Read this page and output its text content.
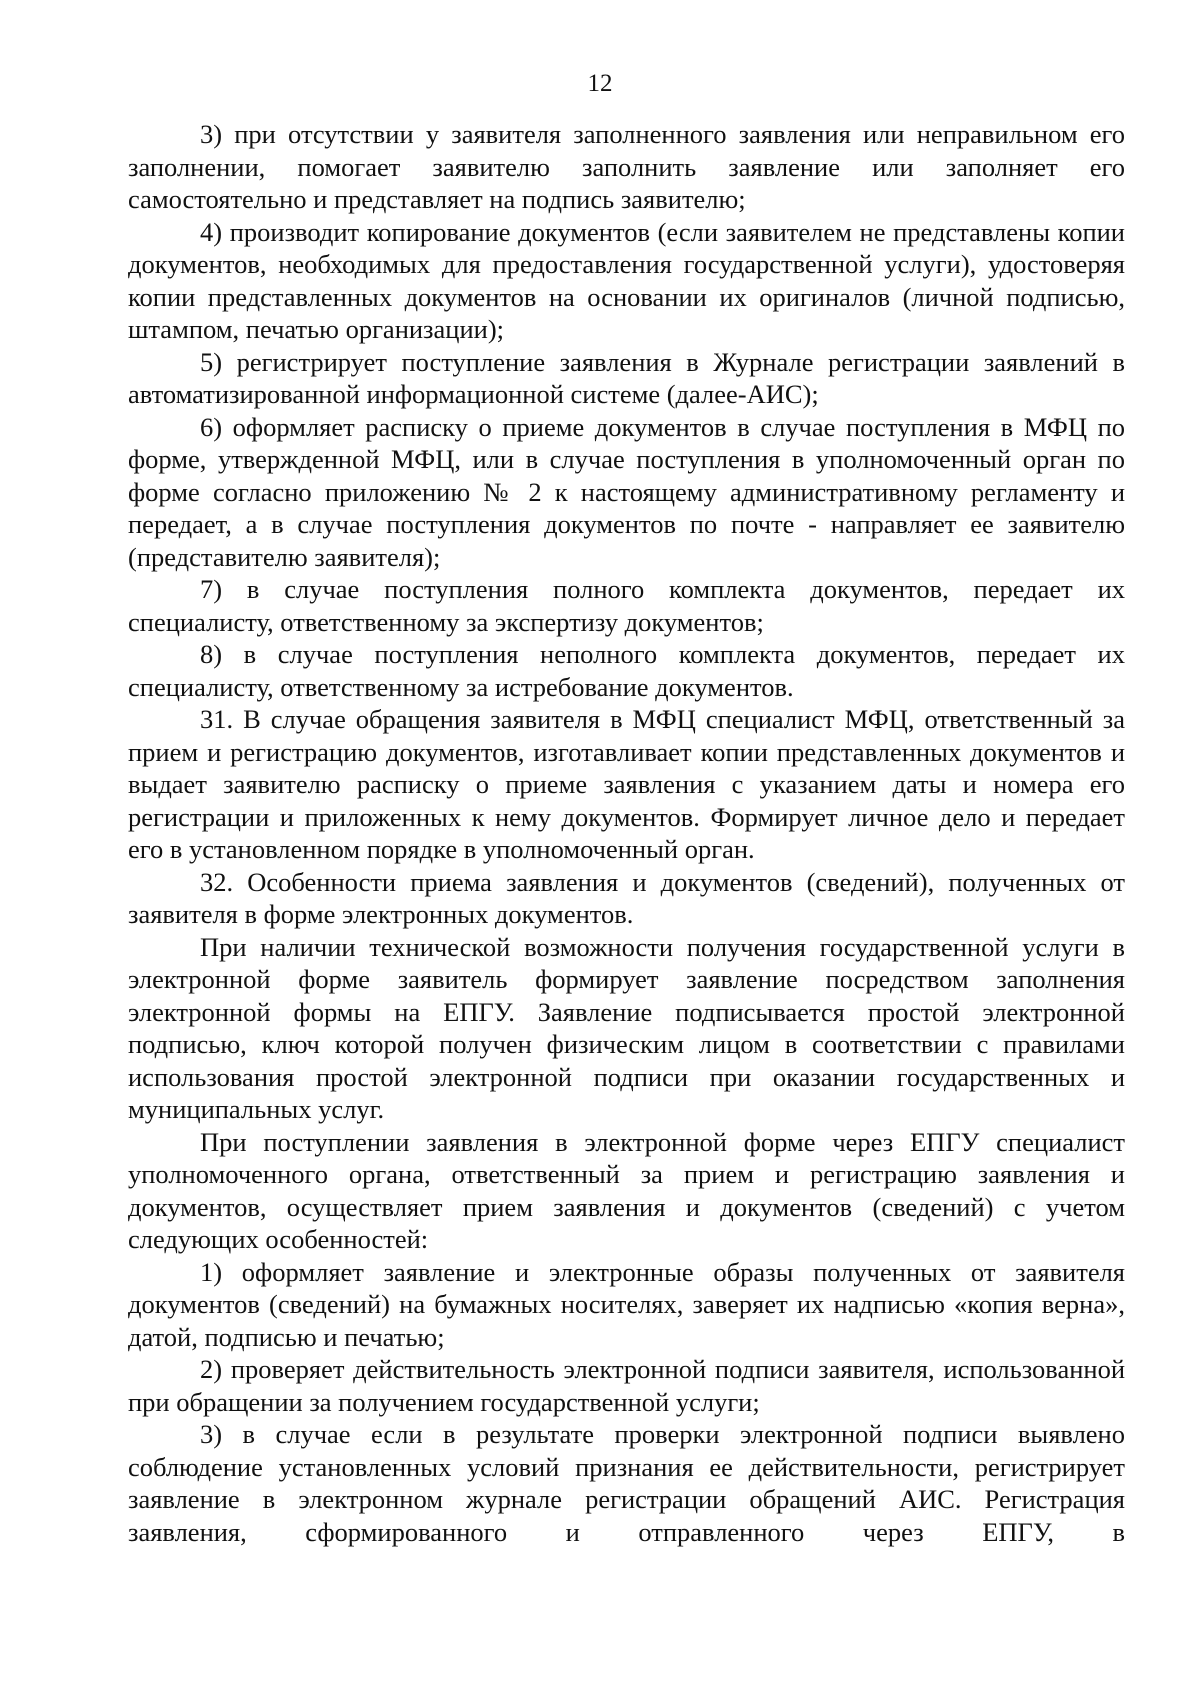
12

3) при отсутствии у заявителя заполненного заявления или неправильном его заполнении, помогает заявителю заполнить заявление или заполняет его самостоятельно и представляет на подпись заявителю;

4) производит копирование документов (если заявителем не представлены копии документов, необходимых для предоставления государственной услуги), удостоверяя копии представленных документов на основании их оригиналов (личной подписью, штампом, печатью организации);

5) регистрирует поступление заявления в Журнале регистрации заявлений в автоматизированной информационной системе (далее-АИС);

6) оформляет расписку о приеме документов в случае поступления в МФЦ по форме, утвержденной МФЦ, или в случае поступления в уполномоченный орган по форме согласно приложению № 2 к настоящему административному регламенту и передает, а в случае поступления документов по почте - направляет ее заявителю (представителю заявителя);

7) в случае поступления полного комплекта документов, передает их специалисту, ответственному за экспертизу документов;

8) в случае поступления неполного комплекта документов, передает их специалисту, ответственному за истребование документов.

31. В случае обращения заявителя в МФЦ специалист МФЦ, ответственный за прием и регистрацию документов, изготавливает копии представленных документов и выдает заявителю расписку о приеме заявления с указанием даты и номера его регистрации и приложенных к нему документов. Формирует личное дело и передает его в установленном порядке в уполномоченный орган.

32. Особенности приема заявления и документов (сведений), полученных от заявителя в форме электронных документов.

При наличии технической возможности получения государственной услуги в электронной форме заявитель формирует заявление посредством заполнения электронной формы на ЕПГУ. Заявление подписывается простой электронной подписью, ключ которой получен физическим лицом в соответствии с правилами использования простой электронной подписи при оказании государственных и муниципальных услуг.

При поступлении заявления в электронной форме через ЕПГУ специалист уполномоченного органа, ответственный за прием и регистрацию заявления и документов, осуществляет прием заявления и документов (сведений) с учетом следующих особенностей:

1) оформляет заявление и электронные образы полученных от заявителя документов (сведений) на бумажных носителях, заверяет их надписью «копия верна», датой, подписью и печатью;

2) проверяет действительность электронной подписи заявителя, использованной при обращении за получением государственной услуги;

3) в случае если в результате проверки электронной подписи выявлено соблюдение установленных условий признания ее действительности, регистрирует заявление в электронном журнале регистрации обращений АИС. Регистрация заявления, сформированного и отправленного через ЕПГУ, в
